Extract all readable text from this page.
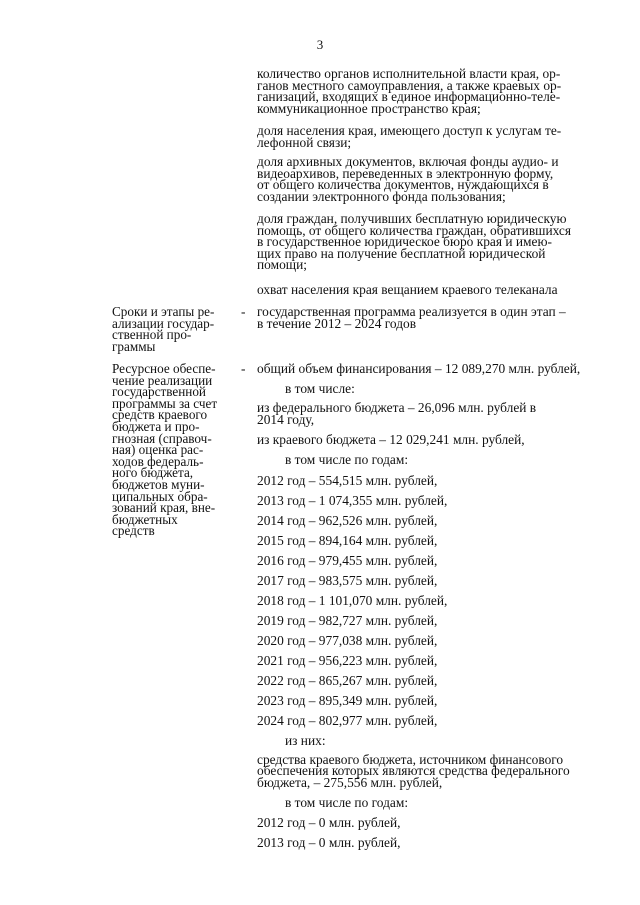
3
количество органов исполнительной власти края, ор-
ганов местного самоуправления, а также краевых ор-
ганизаций, входящих в единое информационно-теле-
коммуникационное пространство края;
доля населения края, имеющего доступ к услугам те-
лефонной связи;
доля архивных документов, включая фонды аудио- и
видеоархивов, переведенных в электронную форму,
от общего количества документов, нуждающихся в
создании электронного фонда пользования;
доля граждан, получивших бесплатную юридическую
помощь, от общего количества граждан, обратившихся
в государственное юридическое бюро края и имею-
щих право на получение бесплатной юридической
помощи;
охват населения края вещанием краевого телеканала
Сроки и этапы ре-
ализации государ-
ственной про-
граммы
- государственная программа реализуется в один этап –
в течение 2012 – 2024 годов
Ресурсное обеспе-
чение реализации
государственной
программы за счет
средств краевого
бюджета и про-
гнозная (справоч-
ная) оценка рас-
ходов федераль-
ного бюджета,
бюджетов муни-
ципальных обра-
зований края, вне-
бюджетных
средств
- общий объем финансирования – 12 089,270 млн. рублей,
в том числе:
из федерального бюджета – 26,096 млн. рублей в
2014 году,
из краевого бюджета – 12 029,241 млн. рублей,
в том числе по годам:
2012 год – 554,515 млн. рублей,
2013 год – 1 074,355 млн. рублей,
2014 год – 962,526 млн. рублей,
2015 год – 894,164 млн. рублей,
2016 год – 979,455 млн. рублей,
2017 год – 983,575 млн. рублей,
2018 год – 1 101,070 млн. рублей,
2019 год – 982,727 млн. рублей,
2020 год – 977,038 млн. рублей,
2021 год – 956,223 млн. рублей,
2022 год – 865,267 млн. рублей,
2023 год – 895,349 млн. рублей,
2024 год – 802,977 млн. рублей,
из них:
средства краевого бюджета, источником финансового
обеспечения которых являются средства федерального
бюджета, – 275,556 млн. рублей,
в том числе по годам:
2012 год – 0 млн. рублей,
2013 год – 0 млн. рублей,
